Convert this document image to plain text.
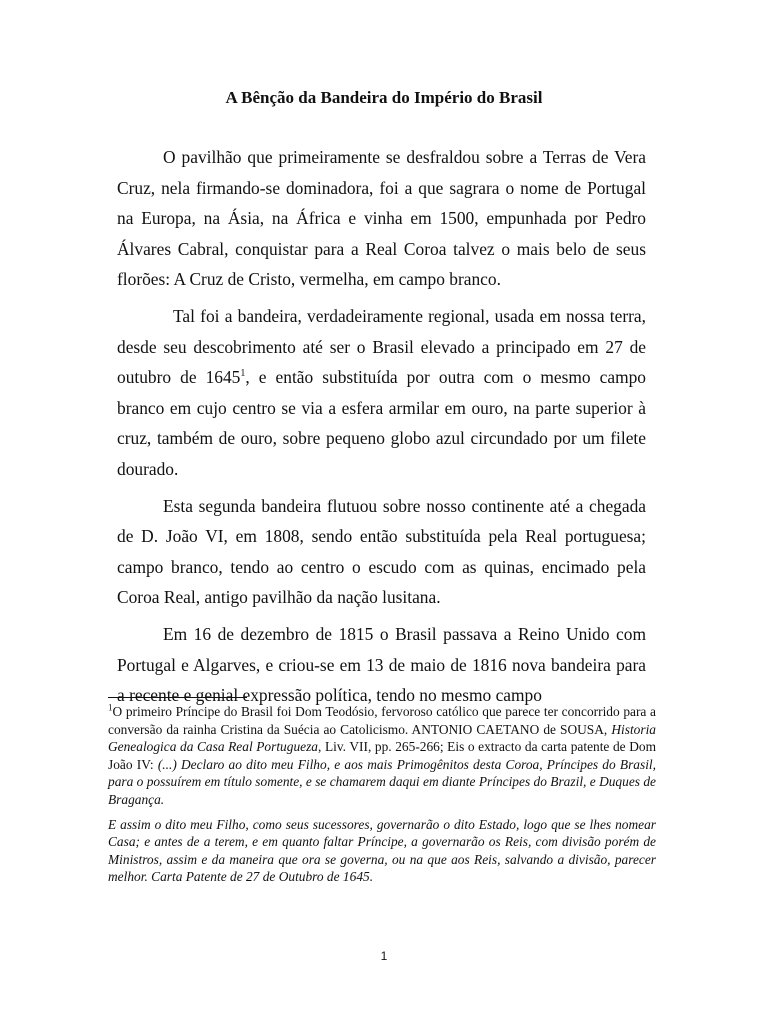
A Bênção da Bandeira do Império do Brasil

O pavilhão que primeiramente se desfraldou sobre a Terras de Vera Cruz, nela firmando-se dominadora, foi a que sagrara o nome de Portugal na Europa, na Ásia, na África e vinha em 1500, empunhada por Pedro Álvares Cabral, conquistar para a Real Coroa talvez o mais belo de seus florões: A Cruz de Cristo, vermelha, em campo branco.

Tal foi a bandeira, verdadeiramente regional, usada em nossa terra, desde seu descobrimento até ser o Brasil elevado a principado em 27 de outubro de 1645$^1$, e então substituída por outra com o mesmo campo branco em cujo centro se via a esfera armilar em ouro, na parte superior à cruz, também de ouro, sobre pequeno globo azul circundado por um filete dourado.

Esta segunda bandeira flutuou sobre nosso continente até a chegada de D. João VI, em 1808, sendo então substituída pela Real portuguesa; campo branco, tendo ao centro o escudo com as quinas, encimado pela Coroa Real, antigo pavilhão da nação lusitana.

Em 16 de dezembro de 1815 o Brasil passava a Reino Unido com Portugal e Algarves, e criou-se em 13 de maio de 1816 nova bandeira para a recente e genial expressão política, tendo no mesmo campo

$^1$O primeiro Príncipe do Brasil foi Dom Teodósio, fervoroso católico que parece ter concorrido para a conversão da rainha Cristina da Suécia ao Catolicismo. ANTONIO CAETANO de SOUSA, Historia Genealogica da Casa Real Portugueza, Liv. VII, pp. 265-266; Eis o extracto da carta patente de Dom João IV: (...) Declaro ao dito meu Filho, e aos mais Primogênitos desta Coroa, Príncipes do Brasil, para o possuírem em título somente, e se chamarem daqui em diante Príncipes do Brazil, e Duques de Bragança.

E assim o dito meu Filho, como seus sucessores, governarão o dito Estado, logo que se lhes nomear Casa; e antes de a terem, e em quanto faltar Príncipe, a governarão os Reis, com divisão porém de Ministros, assim e da maneira que ora se governa, ou na que aos Reis, salvando a divisão, parecer melhor. Carta Patente de 27 de Outubro de 1645.

1
